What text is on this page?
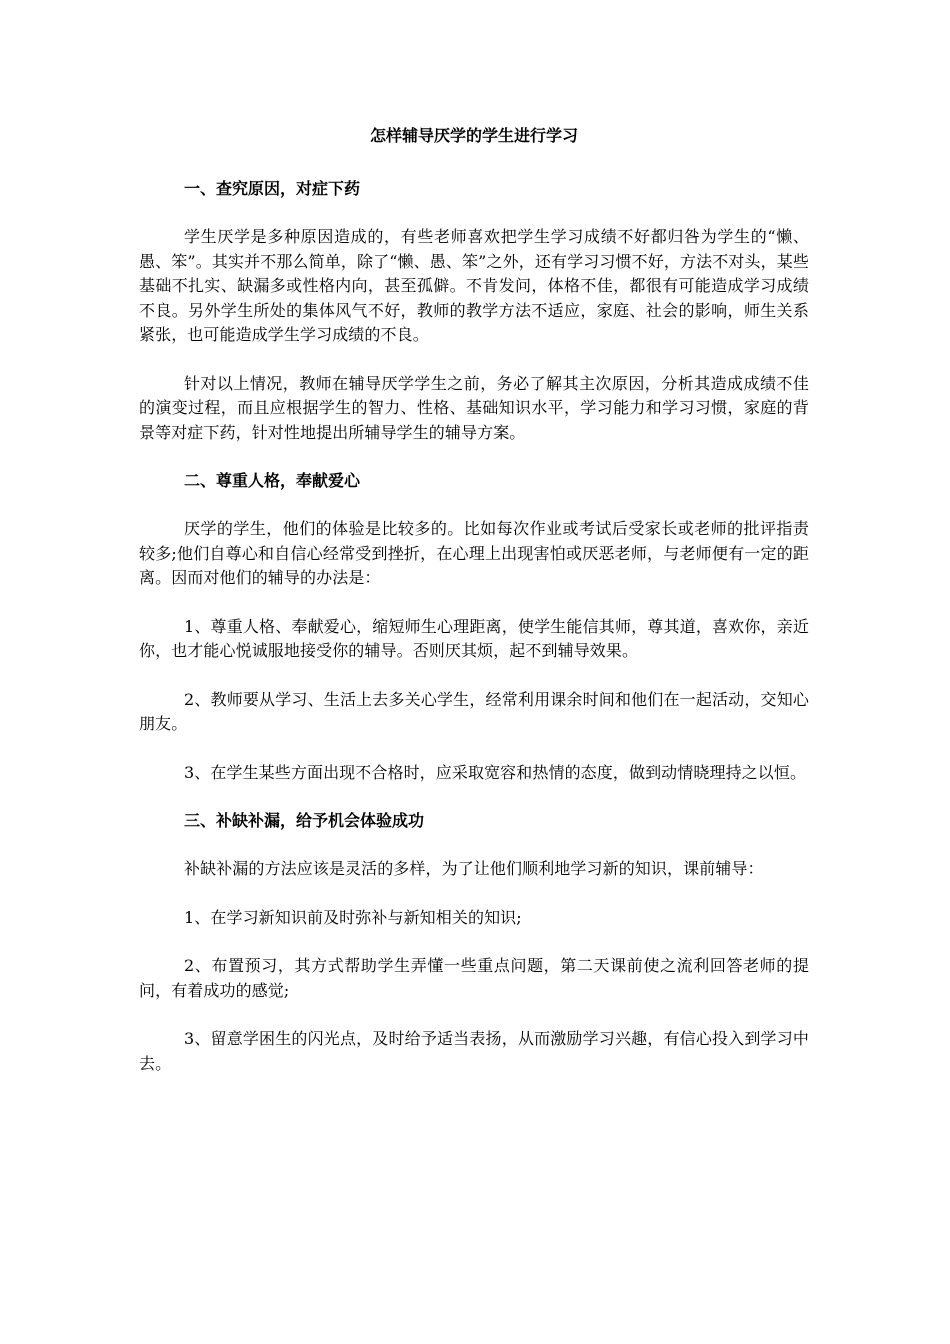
怎样辅导厌学的学生进行学习
一、查究原因，对症下药

学生厌学是多种原因造成的，有些老师喜欢把学生学习成绩不好都归咎为学生的“懒、愚、笨”。其实并不那么简单，除了“懒、愚、笨”之外，还有学习习惯不好，方法不对头，某些基础不扎实、缺漏多或性格内向，甚至孤僻。不肯发问，体格不佳，都很有可能造成学习成绩不良。另外学生所处的集体风气不好，教师的教学方法不适应，家庭、社会的影响，师生关系紧张，也可能造成学生学习成绩的不良。

针对以上情况，教师在辅导厌学学生之前，务必了解其主次原因，分析其造成成绩不佳的演变过程，而且应根据学生的智力、性格、基础知识水平，学习能力和学习习惯，家庭的背景等对症下药，针对性地提出所辅导学生的辅导方案。

二、尊重人格，奉献爱心

厌学的学生，他们的体验是比较多的。比如每次作业或考试后受家长或老师的批评指责较多;他们自尊心和自信心经常受到挫折，在心理上出现害怕或厌恶老师，与老师便有一定的距离。因而对他们的辅导的办法是：

1、尊重人格、奉献爱心，缩短师生心理距离，使学生能信其师，尊其道，喜欢你，亲近你，也才能心悦诚服地接受你的辅导。否则厌其烦，起不到辅导效果。

2、教师要从学习、生活上去多关心学生，经常利用课余时间和他们在一起活动，交知心朋友。

3、在学生某些方面出现不合格时，应采取宽容和热情的态度，做到动情晓理持之以恒。

三、补缺补漏，给予机会体验成功

补缺补漏的方法应该是灵活的多样，为了让他们顺利地学习新的知识，课前辅导：

1、在学习新知识前及时弥补与新知相关的知识;

2、布置预习，其方式帮助学生弄懂一些重点问题，第二天课前使之流利回答老师的提问，有着成功的感觉;

3、留意学困生的闪光点，及时给予适当表扬，从而激励学习兴趣，有信心投入到学习中去。
